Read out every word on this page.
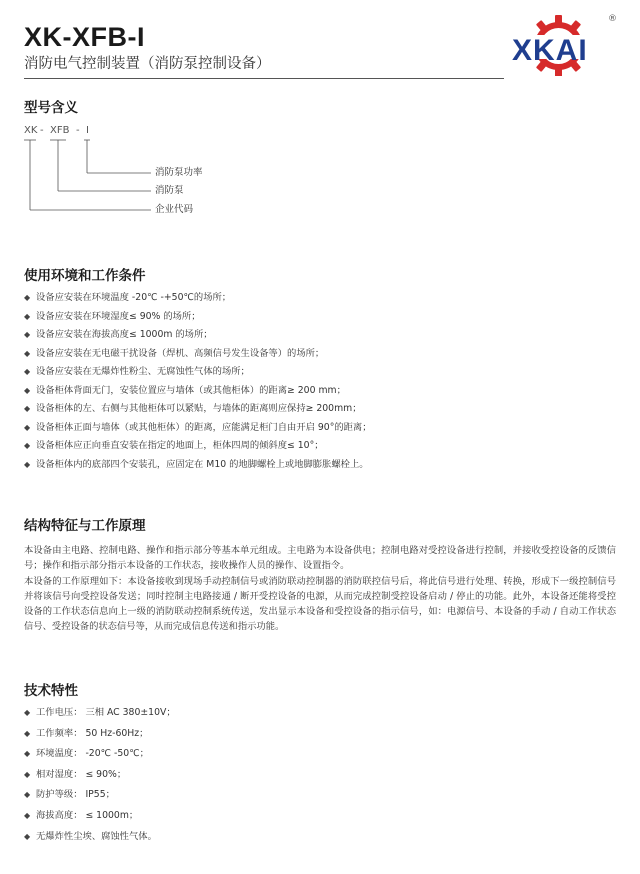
XK-XFB-I
消防电气控制装置（消防泵控制设备）	XKAI
®
型号含义
XK - XFB - I
消防泵功率
消防泵
企业代码
使用环境和工作条件
◆ 设备应安装在环境温度 -20℃ -+50℃的场所；
◆ 设备应安装在环境湿度≤ 90% 的场所；
◆ 设备应安装在海拔高度≤ 1000m 的场所；
◆ 设备应安装在无电磁干扰设备（焊机、高频信号发生设备等）的场所；
◆ 设备应安装在无爆炸性粉尘、无腐蚀性气体的场所；
◆ 设备柜体背面无门，安装位置应与墙体（或其他柜体）的距离≥ 200 mm；
◆ 设备柜体的左、右侧与其他柜体可以紧贴，与墙体的距离则应保持≥ 200mm；
◆ 设备柜体正面与墙体（或其他柜体）的距离，应能满足柜门自由开启 90°的距离；
◆ 设备柜体应正向垂直安装在指定的地面上，柜体四周的倾斜度≤ 10°；
◆ 设备柜体内的底部四个安装孔，应固定在 M10 的地脚螺栓上或地脚膨胀螺栓上。
结构特征与工作原理

本设备由主电路、控制电路、操作和指示部分等基本单元组成。主电路为本设备供电；控制电路对受控设备进行控制，并接收受控设备的反馈信号；操作和指示部分指示本设备的工作状态，接收操作人员的操作、设置指令。

本设备的工作原理如下：本设备接收到现场手动控制信号或消防联动控制器的消防联控信号后，将此信号进行处理、转换，形成下一级控制信号并将该信号向受控设备发送；同时控制主电路接通 / 断开受控设备的电源，从而完成控制受控设备启动 / 停止的功能。此外，本设备还能将受控设备的工作状态信息向上一级的消防联动控制系统传送，发出显示本设备和受控设备的指示信号，如：电源信号、本设备的手动 / 自动工作状态信号、受控设备的状态信号等，从而完成信息传送和指示功能。

技术特性
◆ 工作电压： 三相 AC 380±10V；
◆ 工作频率： 50 Hz-60Hz；
◆ 环境温度： -20℃ -50℃；
◆ 相对湿度： ≤ 90%；
◆ 防护等级： IP55；
◆ 海拔高度： ≤ 1000m；
◆ 无爆炸性尘埃、腐蚀性气体。
